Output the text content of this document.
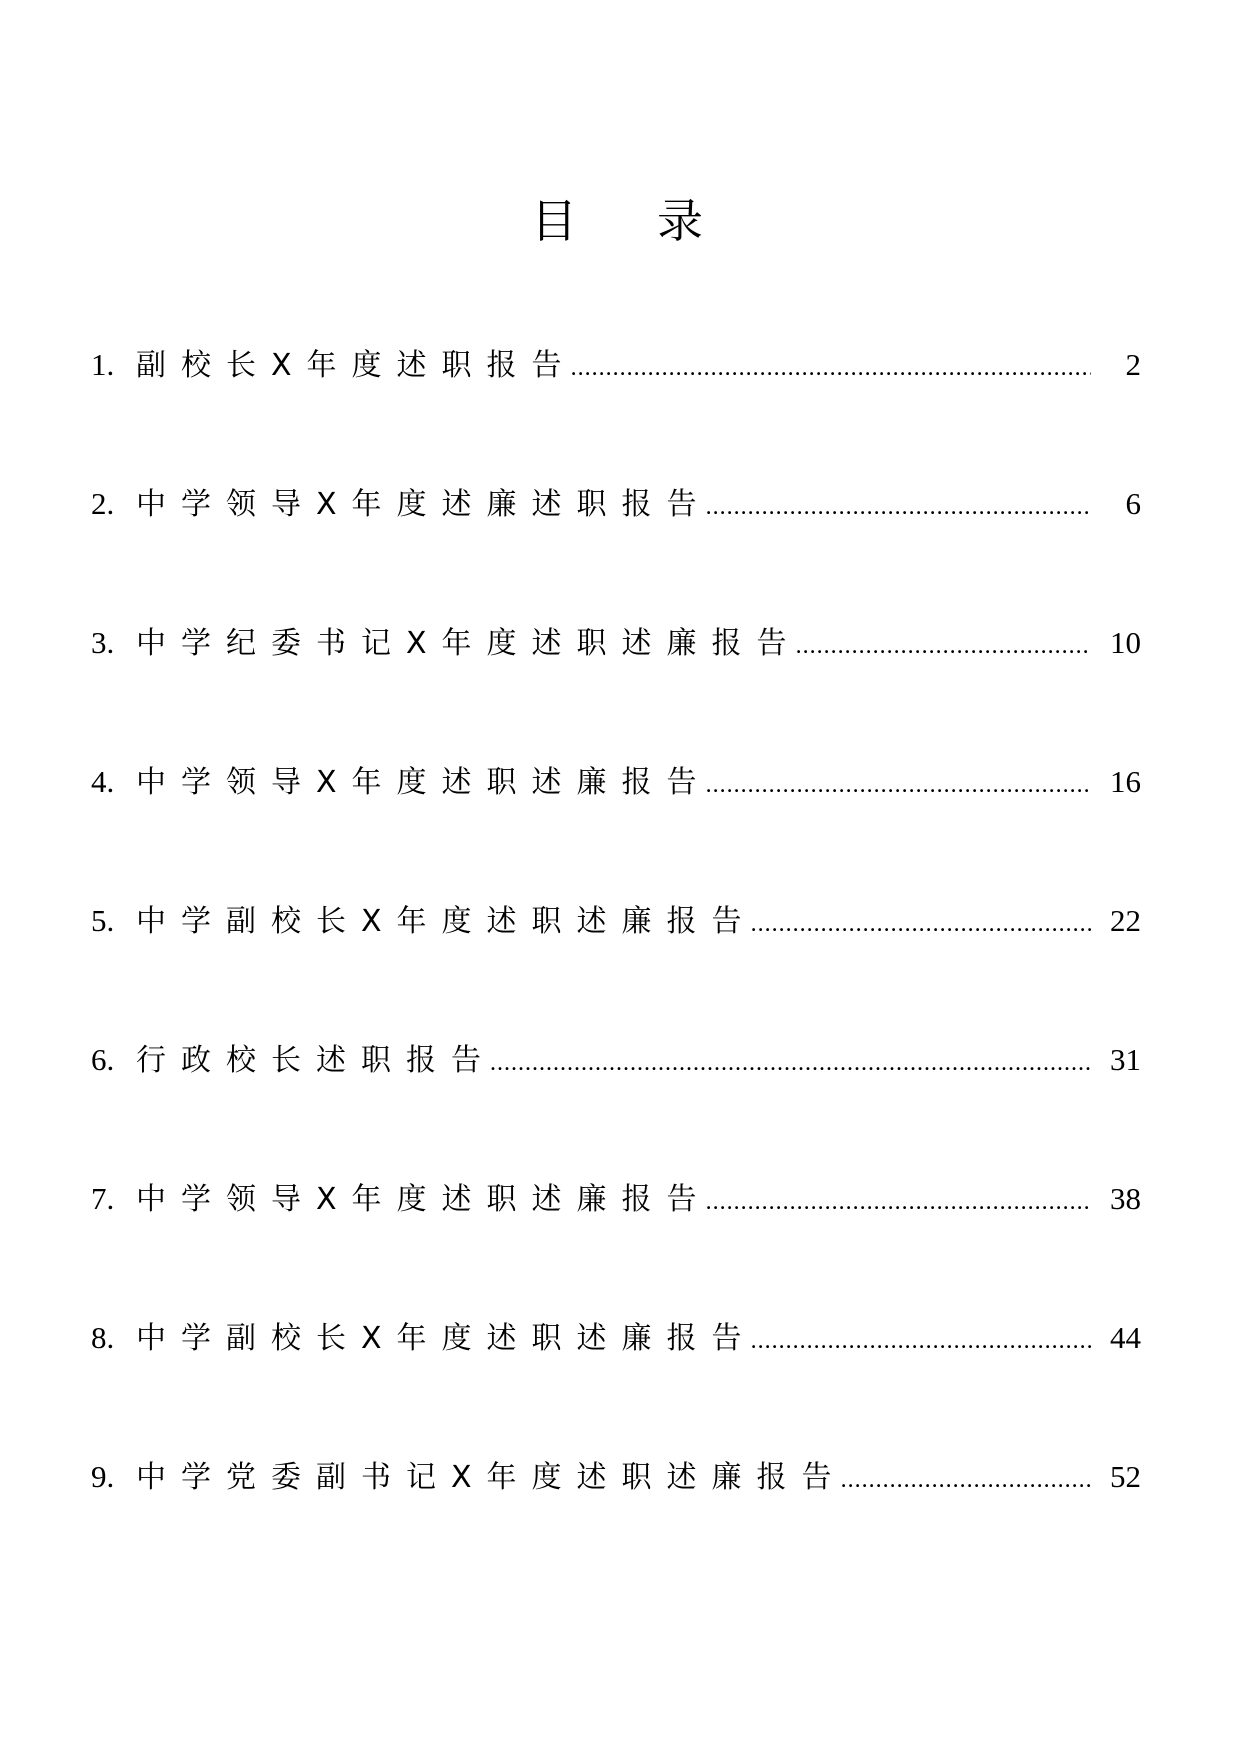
目 录
1. 副校长X年度述职报告 .....	2
2. 中学领导X年度述廉述职报告 .....	6
3. 中学纪委书记X年度述职述廉报告 .....	10
4. 中学领导X年度述职述廉报告 .....	16
5. 中学副校长X年度述职述廉报告 .....	22
6. 行政校长述职报告 .....	31
7. 中学领导X年度述职述廉报告 .....	38
8. 中学副校长X年度述职述廉报告 .....	44
9. 中学党委副书记X年度述职述廉报告 .....	52
